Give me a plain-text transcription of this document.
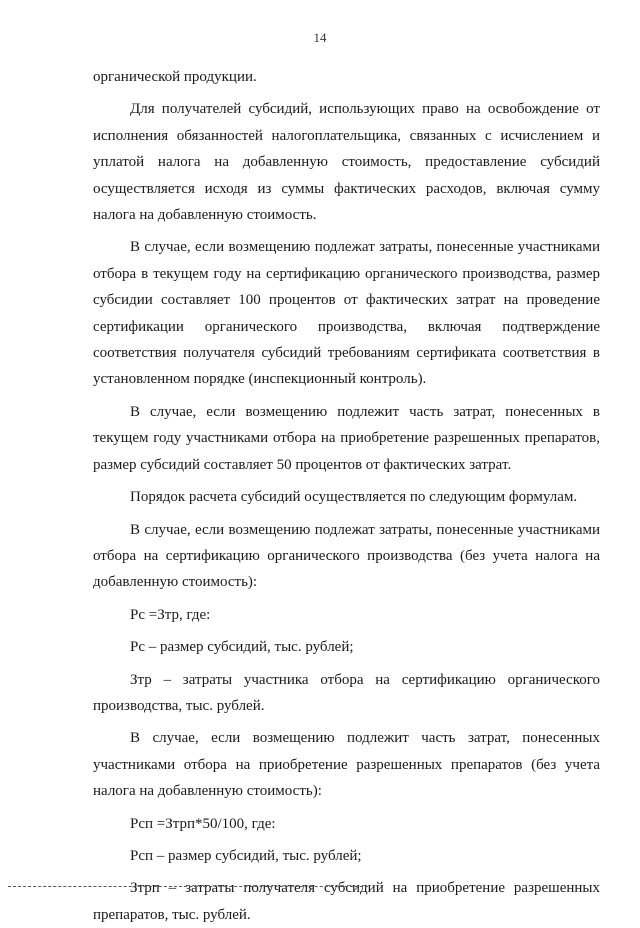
14

органической продукции.

Для получателей субсидий, использующих право на освобождение от исполнения обязанностей налогоплательщика, связанных с исчислением и уплатой налога на добавленную стоимость, предоставление субсидий осуществляется исходя из суммы фактических расходов, включая сумму налога на добавленную стоимость.

В случае, если возмещению подлежат затраты, понесенные участниками отбора в текущем году на сертификацию органического производства, размер субсидии составляет 100 процентов от фактических затрат на проведение сертификации органического производства, включая подтверждение соответствия получателя субсидий требованиям сертификата соответствия в установленном порядке (инспекционный контроль).

В случае, если возмещению подлежит часть затрат, понесенных в текущем году участниками отбора на приобретение разрешенных препаратов, размер субсидий составляет 50 процентов от фактических затрат.

Порядок расчета субсидий осуществляется по следующим формулам.

В случае, если возмещению подлежат затраты, понесенные участниками отбора на сертификацию органического производства (без учета налога на добавленную стоимость):

Рс =Зтр, где:

Рс – размер субсидий, тыс. рублей;

Зтр – затраты участника отбора на сертификацию органического производства, тыс. рублей.

В случае, если возмещению подлежит часть затрат, понесенных участниками отбора на приобретение разрешенных препаратов (без учета налога на добавленную стоимость):

Рсп =Зтрп*50/100, где:

Рсп – размер субсидий, тыс. рублей;

Зтрп – затраты получателя субсидий на приобретение разрешенных препаратов, тыс. рублей.
